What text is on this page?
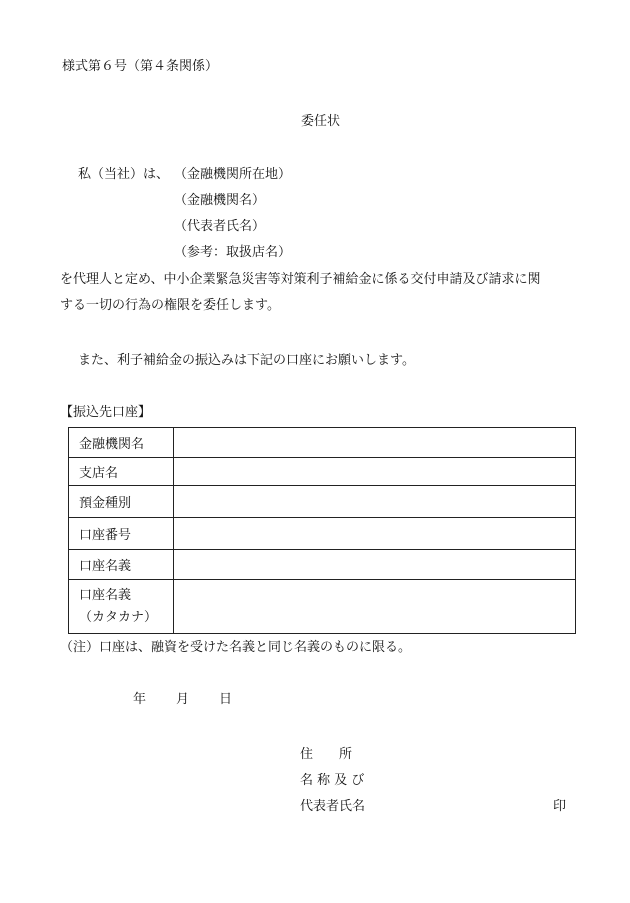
様式第６号（第４条関係）
委任状
私（当社）は、 （金融機関所在地）
（金融機関名）
（代表者氏名）
（参考：取扱店名）
を代理人と定め、中小企業緊急災害等対策利子補給金に係る交付申請及び請求に関
する一切の行為の権限を委任します。
また、利子補給金の振込みは下記の口座にお願いします。
【振込先口座】
金融機関名	
支店名	
預金種別	
口座番号	
口座名義	

口座名義
（カタカナ）	

（注）口座は、融資を受けた名義と同じ名義のものに限る。
年 月 日
住　　所
名 称 及 び
代表者氏名	印
